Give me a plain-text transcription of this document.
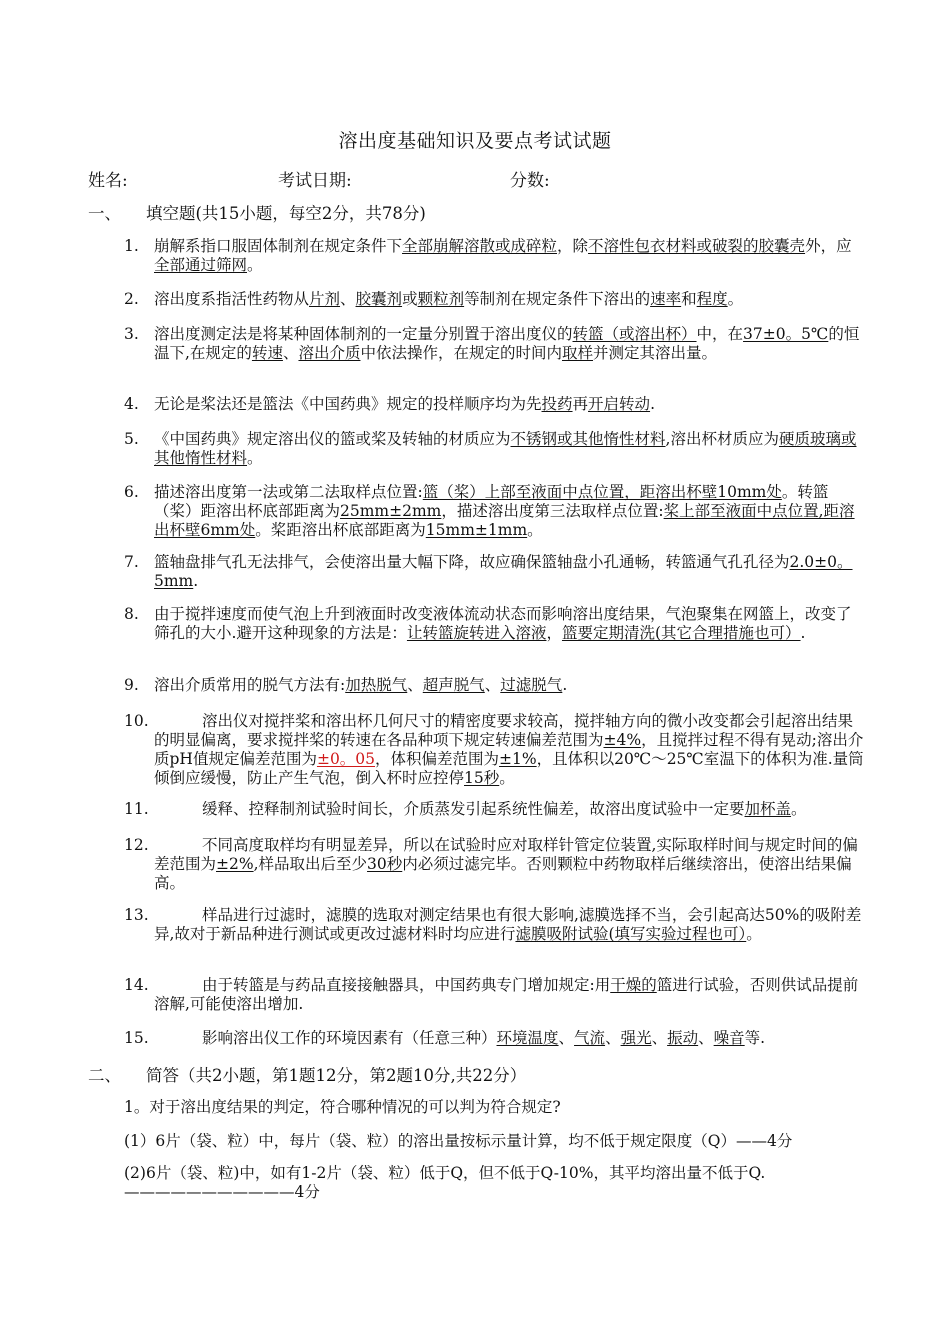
溶出度基础知识及要点考试试题
姓名:	考试日期:	分数:
一、 填空题(共15小题，每空2分，共78分)
1. 崩解系指口服固体制剂在规定条件下全部崩解溶散或成碎粒，除不溶性包衣材料或破裂的胶囊壳外，应全部通过筛网。
2. 溶出度系指活性药物从片剂、胶囊剂或颗粒剂等制剂在规定条件下溶出的速率和程度。
3. 溶出度测定法是将某种固体制剂的一定量分别置于溶出度仪的转篮（或溶出杯）中，在37±0。5℃的恒温下,在规定的转速、溶出介质中依法操作，在规定的时间内取样并测定其溶出量。
4. 无论是桨法还是篮法《中国药典》规定的投样顺序均为先投药再开启转动.
5. 《中国药典》规定溶出仪的篮或桨及转轴的材质应为不锈钢或其他惰性材料,溶出杯材质应为硬质玻璃或其他惰性材料。
6. 描述溶出度第一法或第二法取样点位置:篮（桨）上部至液面中点位置，距溶出杯壁10mm处。转篮（桨）距溶出杯底部距离为25mm±2mm，描述溶出度第三法取样点位置:桨上部至液面中点位置,距溶出杯壁6mm处。桨距溶出杯底部距离为15mm±1mm。
7. 篮轴盘排气孔无法排气，会使溶出量大幅下降，故应确保篮轴盘小孔通畅，转篮通气孔孔径为2.0±0。5mm.
8. 由于搅拌速度而使气泡上升到液面时改变液体流动状态而影响溶出度结果，气泡聚集在网篮上，改变了筛孔的大小.避开这种现象的方法是：让转篮旋转进入溶液，篮要定期清洗(其它合理措施也可）.
9. 溶出介质常用的脱气方法有:加热脱气、超声脱气、过滤脱气.
10.	溶出仪对搅拌桨和溶出杯几何尺寸的精密度要求较高，搅拌轴方向的微小改变都会引起溶出结果的明显偏离，要求搅拌桨的转速在各品种项下规定转速偏差范围为±4%，且搅拌过程不得有晃动;溶出介质pH值规定偏差范围为±0。05，体积偏差范围为±1%，且体积以20℃～25℃室温下的体积为准.量筒倾倒应缓慢，防止产生气泡，倒入杯时应控停15秒。
11.	缓释、控释制剂试验时间长，介质蒸发引起系统性偏差，故溶出度试验中一定要加杯盖。
12.	不同高度取样均有明显差异，所以在试验时应对取样针管定位装置,实际取样时间与规定时间的偏差范围为±2%,样品取出后至少30秒内必须过滤完毕。否则颗粒中药物取样后继续溶出，使溶出结果偏高。
13.	样品进行过滤时，滤膜的选取对测定结果也有很大影响,滤膜选择不当，会引起高达50%的吸附差异,故对于新品种进行测试或更改过滤材料时均应进行滤膜吸附试验(填写实验过程也可）。
14.	由于转篮是与药品直接接触器具，中国药典专门增加规定:用干燥的篮进行试验，否则供试品提前溶解,可能使溶出增加.
15.	影响溶出仪工作的环境因素有（任意三种）环境温度、气流、强光、振动、噪音等.
二、 简答（共2小题，第1题12分，第2题10分,共22分）
1。对于溶出度结果的判定，符合哪种情况的可以判为符合规定?
(1）6片（袋、粒）中，每片（袋、粒）的溶出量按标示量计算，均不低于规定限度（Q）——4分
(2)6片（袋、粒)中，如有1-2片（袋、粒）低于Q，但不低于Q-10%，其平均溶出量不低于Q.———————————4分
